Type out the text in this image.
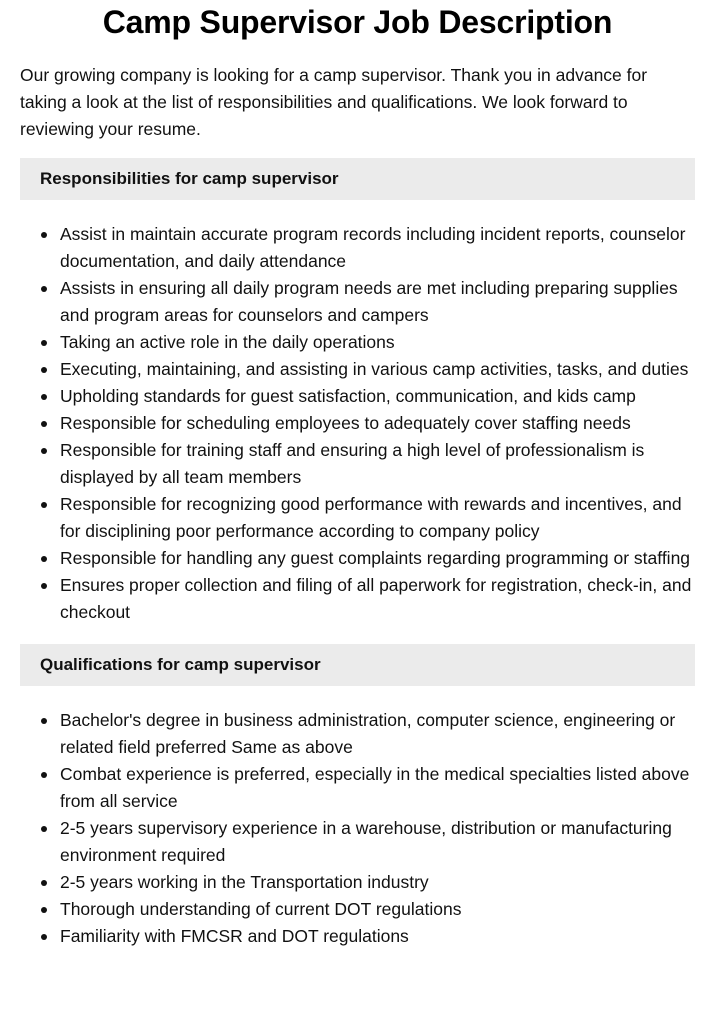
Camp Supervisor Job Description

Our growing company is looking for a camp supervisor. Thank you in advance for taking a look at the list of responsibilities and qualifications. We look forward to reviewing your resume.

Responsibilities for camp supervisor
Assist in maintain accurate program records including incident reports, counselor documentation, and daily attendance
Assists in ensuring all daily program needs are met including preparing supplies and program areas for counselors and campers
Taking an active role in the daily operations
Executing, maintaining, and assisting in various camp activities, tasks, and duties
Upholding standards for guest satisfaction, communication, and kids camp
Responsible for scheduling employees to adequately cover staffing needs
Responsible for training staff and ensuring a high level of professionalism is displayed by all team members
Responsible for recognizing good performance with rewards and incentives, and for disciplining poor performance according to company policy
Responsible for handling any guest complaints regarding programming or staffing
Ensures proper collection and filing of all paperwork for registration, check-in, and checkout
Qualifications for camp supervisor
Bachelor's degree in business administration, computer science, engineering or related field preferred Same as above
Combat experience is preferred, especially in the medical specialties listed above from all service
2-5 years supervisory experience in a warehouse, distribution or manufacturing environment required
2-5 years working in the Transportation industry
Thorough understanding of current DOT regulations
Familiarity with FMCSR and DOT regulations
